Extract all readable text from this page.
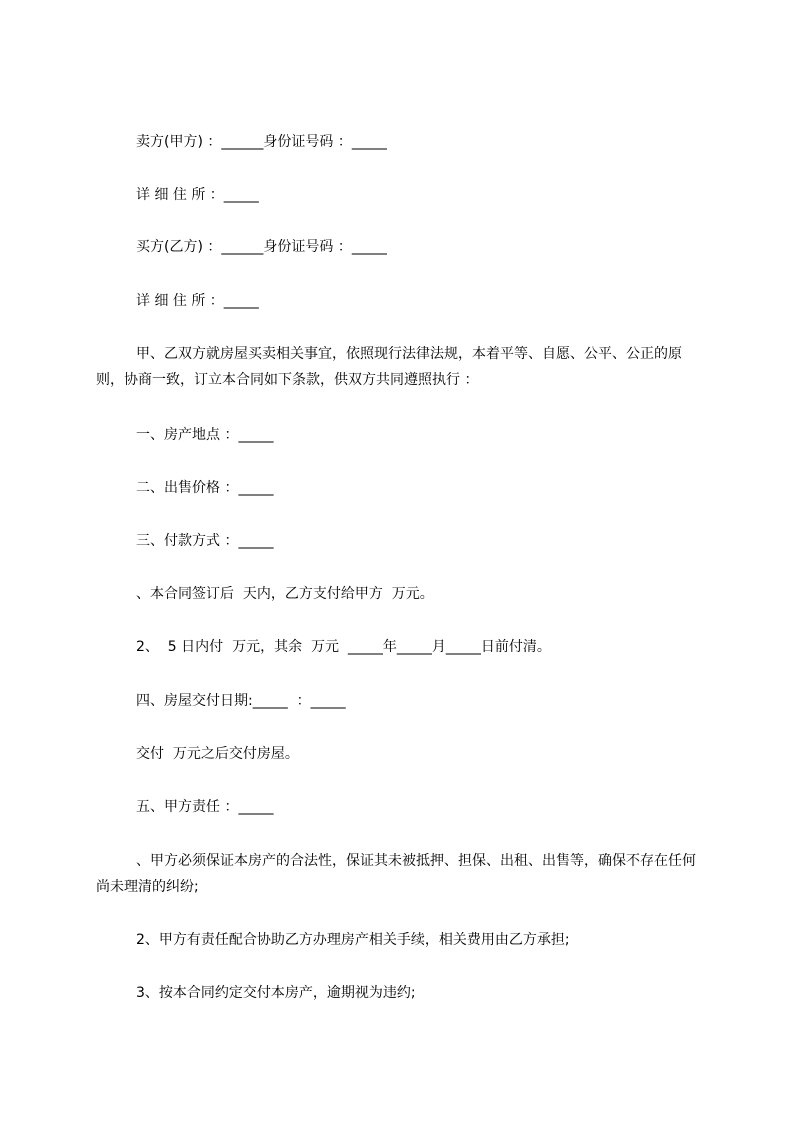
卖方(甲方) ：______身份证号码 ：_____
详 细 住 所 ：_____
买方(乙方) ：______身份证号码 ：_____
详 细 住 所 ：_____
甲、乙双方就房屋买卖相关事宜，依照现行法律法规，本着平等、自愿、公平、公正的原则，协商一致，订立本合同如下条款，供双方共同遵照执行 ：
一、房产地点 ：_____
二、出售价格 ：_____
三、付款方式 ：_____
、本合同签订后  天内，乙方支付给甲方  万元。
2、  5 日内付  万元，其余  万元  _____年_____月_____日前付清。
四、房屋交付日期:_____  ：_____
交付  万元之后交付房屋。
五、甲方责任 ：_____
、甲方必须保证本房产的合法性，保证其未被抵押、担保、出租、出售等，确保不存在任何尚未理清的纠纷;
2、甲方有责任配合协助乙方办理房产相关手续，相关费用由乙方承担;
3、按本合同约定交付本房产，逾期视为违约;
